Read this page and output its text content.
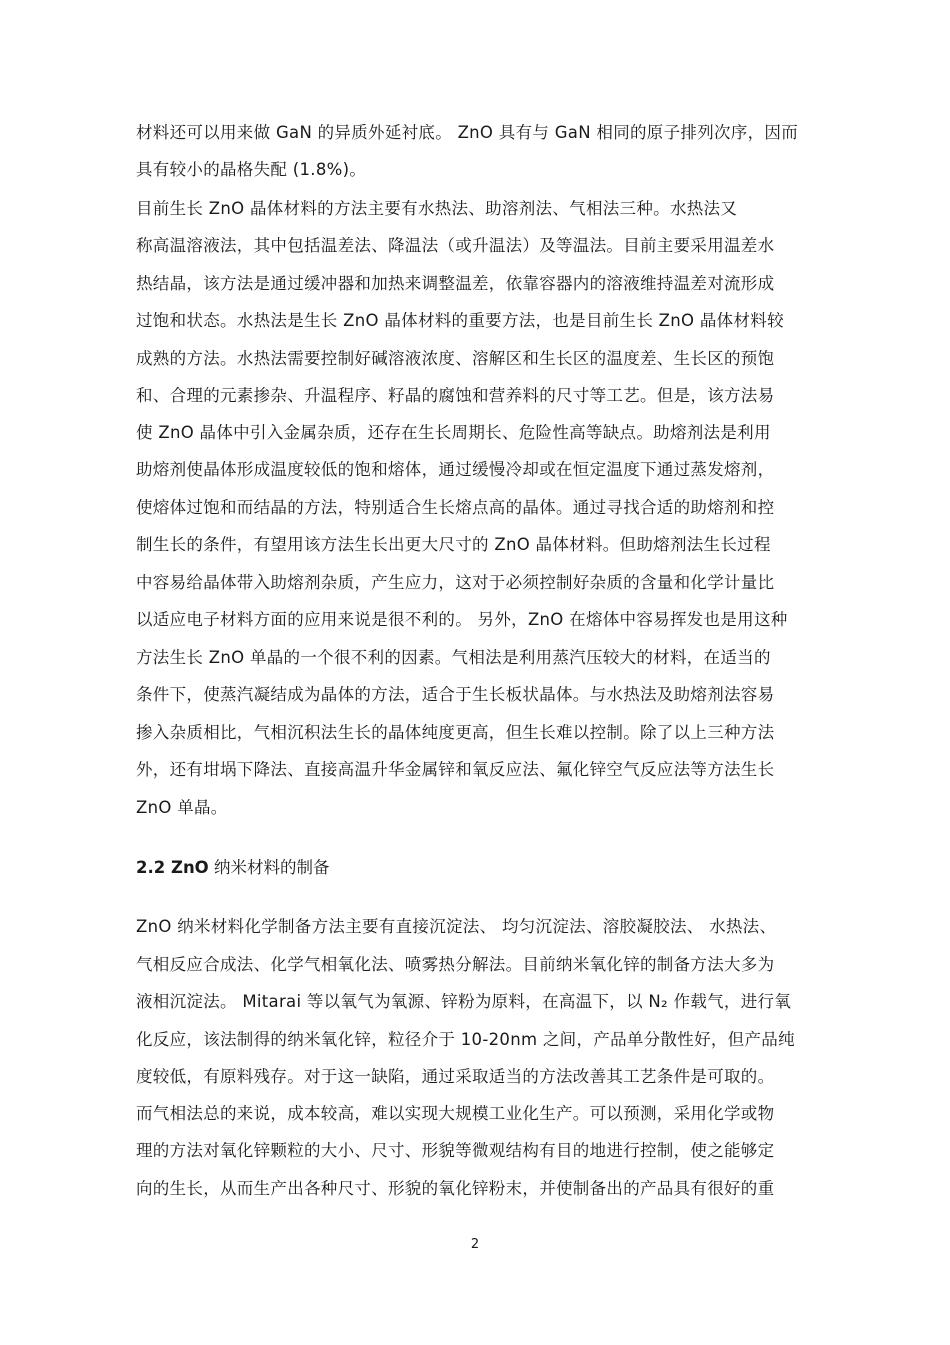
材料还可以用来做 GaN 的异质外延衬底。 ZnO 具有与 GaN 相同的原子排列次序，因而
具有较小的晶格失配 (1.8%)。
目前生长 ZnO 晶体材料的方法主要有水热法、助溶剂法、气相法三种。水热法又
称高温溶液法，其中包括温差法、降温法（或升温法）及等温法。目前主要采用温差水
热结晶，该方法是通过缓冲器和加热来调整温差，依靠容器内的溶液维持温差对流形成
过饱和状态。水热法是生长 ZnO 晶体材料的重要方法，也是目前生长 ZnO 晶体材料较
成熟的方法。水热法需要控制好碱溶液浓度、溶解区和生长区的温度差、生长区的预饱
和、合理的元素掺杂、升温程序、籽晶的腐蚀和营养料的尺寸等工艺。但是，该方法易
使 ZnO 晶体中引入金属杂质，还存在生长周期长、危险性高等缺点。助熔剂法是利用
助熔剂使晶体形成温度较低的饱和熔体，通过缓慢冷却或在恒定温度下通过蒸发熔剂，
使熔体过饱和而结晶的方法，特别适合生长熔点高的晶体。通过寻找合适的助熔剂和控
制生长的条件，有望用该方法生长出更大尺寸的 ZnO 晶体材料。但助熔剂法生长过程
中容易给晶体带入助熔剂杂质，产生应力，这对于必须控制好杂质的含量和化学计量比
以适应电子材料方面的应用来说是很不利的。 另外，ZnO 在熔体中容易挥发也是用这种
方法生长 ZnO 单晶的一个很不利的因素。气相法是利用蒸汽压较大的材料，在适当的
条件下，使蒸汽凝结成为晶体的方法，适合于生长板状晶体。与水热法及助熔剂法容易
掺入杂质相比，气相沉积法生长的晶体纯度更高，但生长难以控制。除了以上三种方法
外，还有坩埚下降法、直接高温升华金属锌和氧反应法、氟化锌空气反应法等方法生长
ZnO 单晶。
2.2 ZnO 纳米材料的制备
ZnO 纳米材料化学制备方法主要有直接沉淀法、 均匀沉淀法、溶胶凝胶法、 水热法、
气相反应合成法、化学气相氧化法、喷雾热分解法。目前纳米氧化锌的制备方法大多为
液相沉淀法。 Mitarai 等以氧气为氧源、锌粉为原料，在高温下，以 N₂ 作载气，进行氧
化反应，该法制得的纳米氧化锌，粒径介于 10-20nm 之间，产品单分散性好，但产品纯
度较低，有原料残存。对于这一缺陷，通过采取适当的方法改善其工艺条件是可取的。
而气相法总的来说，成本较高，难以实现大规模工业化生产。可以预测，采用化学或物
理的方法对氧化锌颗粒的大小、尺寸、形貌等微观结构有目的地进行控制，使之能够定
向的生长，从而生产出各种尺寸、形貌的氧化锌粉末，并使制备出的产品具有很好的重
2
